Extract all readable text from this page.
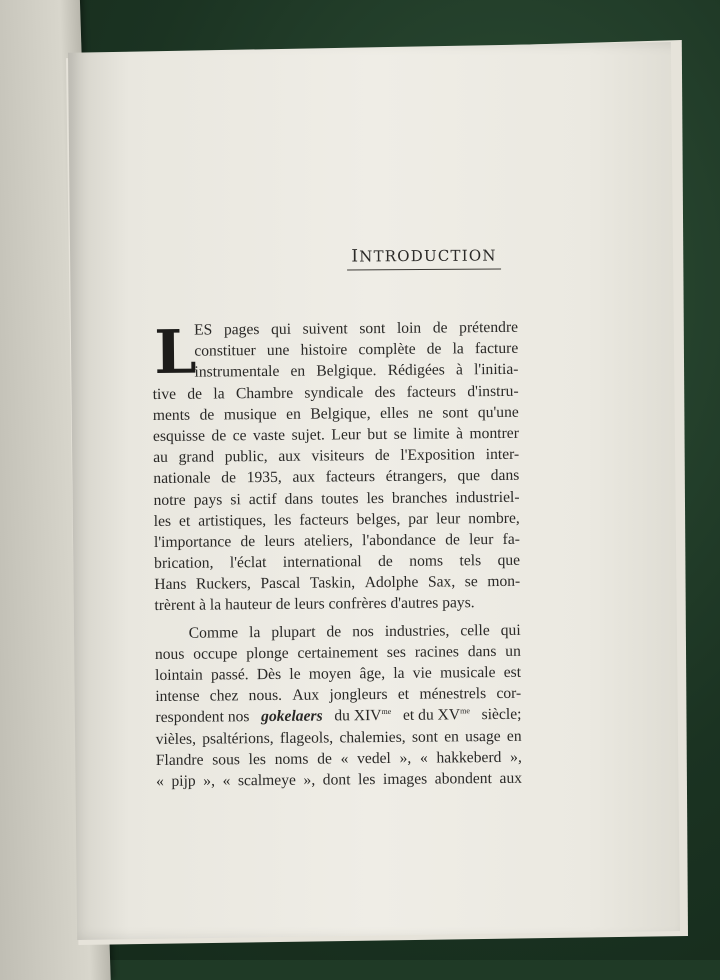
INTRODUCTION
L
ES pages qui suivent sont loin de prétendre
constituer une histoire complète de la facture
instrumentale en Belgique. Rédigées à l'initia-
tive de la Chambre syndicale des facteurs d'instru-
ments de musique en Belgique, elles ne sont qu'une
esquisse de ce vaste sujet. Leur but se limite à montrer
au grand public, aux visiteurs de l'Exposition inter-
nationale de 1935, aux facteurs étrangers, que dans
notre pays si actif dans toutes les branches industriel-
les et artistiques, les facteurs belges, par leur nombre,
l'importance de leurs ateliers, l'abondance de leur fa-
brication, l'éclat international de noms tels que
Hans Ruckers, Pascal Taskin, Adolphe Sax, se mon-
trèrent à la hauteur de leurs confrères d'autres pays.
Comme la plupart de nos industries, celle qui
nous occupe plonge certainement ses racines dans un
lointain passé. Dès le moyen âge, la vie musicale est
intense chez nous. Aux jongleurs et ménestrels cor-
respondent nos gokelaers du $XIV^{me}$ et du $XV^{me}$ siècle;
vièles, psaltérions, flageols, chalemies, sont en usage en
Flandre sous les noms de « vedel », « hakkeberd »,
« pijp », « scalmeye », dont les images abondent aux
